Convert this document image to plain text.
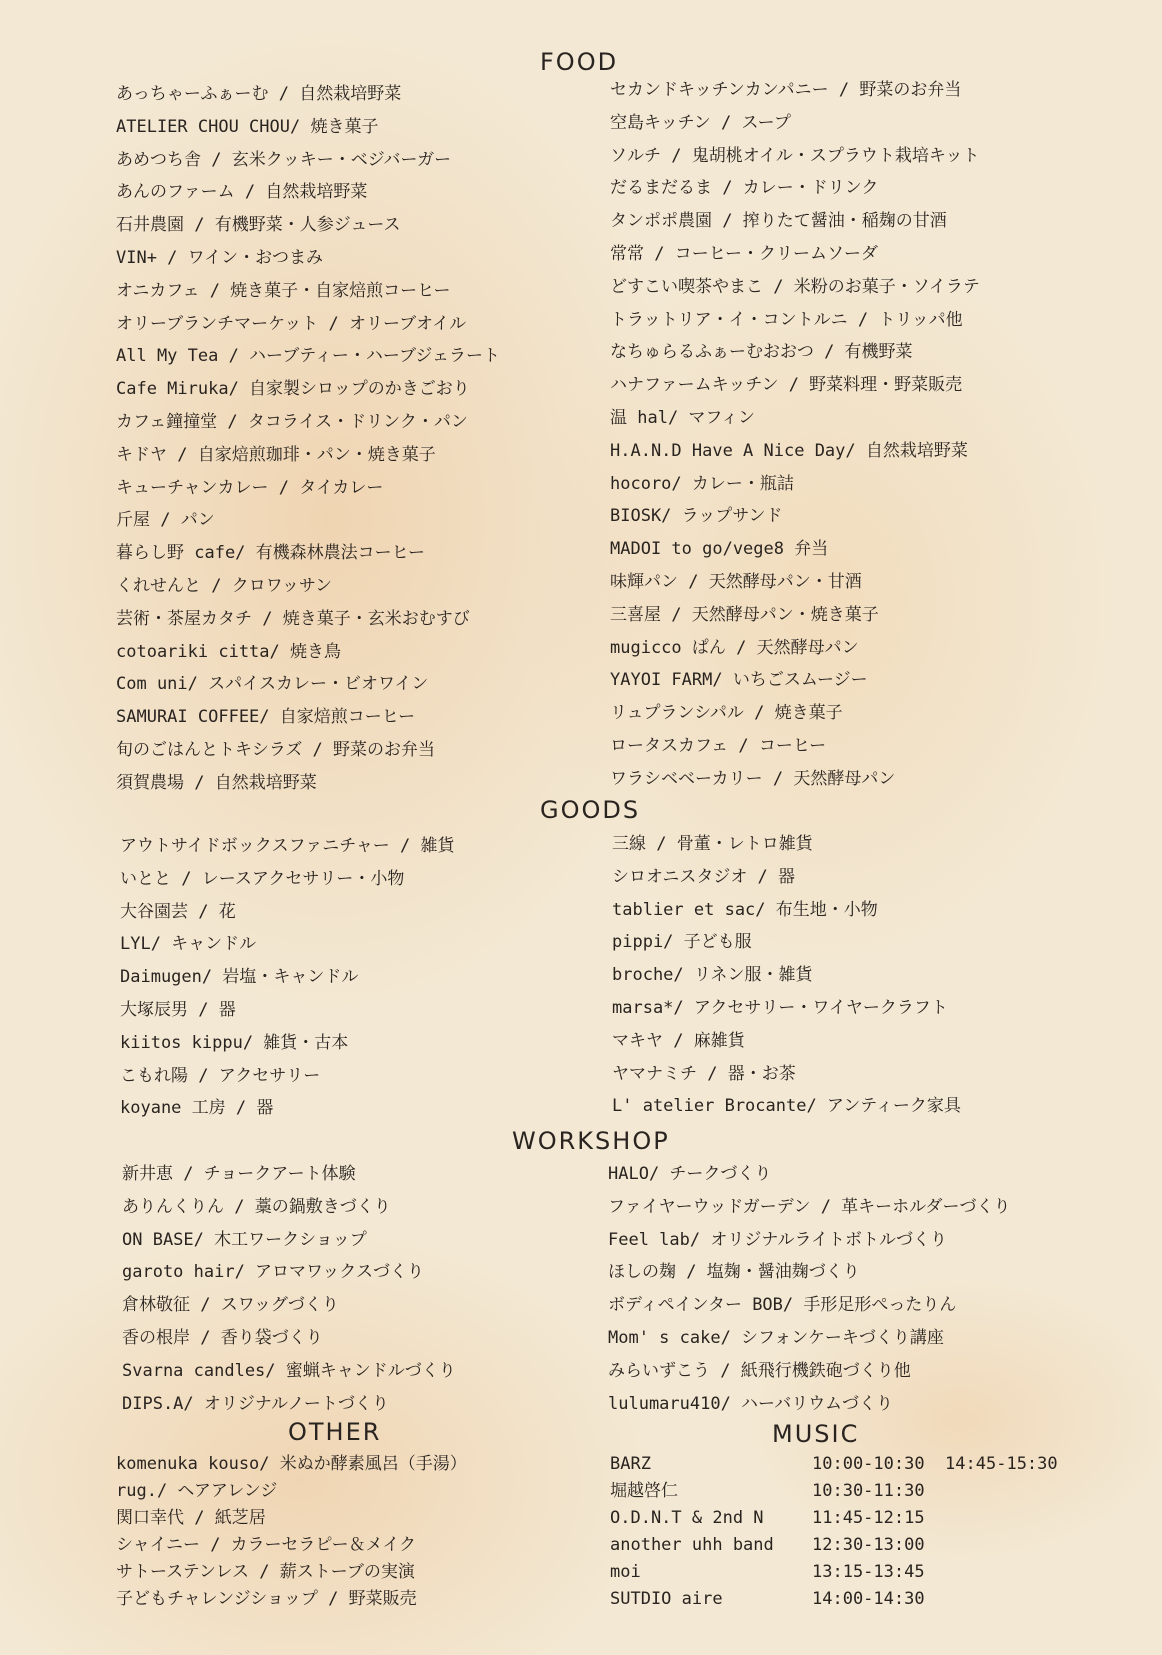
FOOD
あっちゃーふぁーむ / 自然栽培野菜
ATELIER CHOU CHOU/ 焼き菓子
あめつち舎 / 玄米クッキー・ベジバーガー
あんのファーム / 自然栽培野菜
石井農園 / 有機野菜・人参ジュース
VIN+ / ワイン・おつまみ
オニカフェ / 焼き菓子・自家焙煎コーヒー
オリーブランチマーケット / オリーブオイル
All My Tea / ハーブティー・ハーブジェラート
Cafe Miruka/ 自家製シロップのかきごおり
カフェ鐘撞堂 / タコライス・ドリンク・パン
キドヤ / 自家焙煎珈琲・パン・焼き菓子
キューチャンカレー / タイカレー
斤屋 / パン
暮らし野 cafe/ 有機森林農法コーヒー
くれせんと / クロワッサン
芸術・茶屋カタチ / 焼き菓子・玄米おむすび
cotoariki citta/ 焼き鳥
Com uni/ スパイスカレー・ビオワイン
SAMURAI COFFEE/ 自家焙煎コーヒー
旬のごはんとトキシラズ / 野菜のお弁当
須賀農場 / 自然栽培野菜
セカンドキッチンカンパニー / 野菜のお弁当
空島キッチン / スープ
ソルチ / 鬼胡桃オイル・スプラウト栽培キット
だるまだるま / カレー・ドリンク
タンポポ農園 / 搾りたて醤油・稲麹の甘酒
常常 / コーヒー・クリームソーダ
どすこい喫茶やまこ / 米粉のお菓子・ソイラテ
トラットリア・イ・コントルニ / トリッパ他
なちゅらるふぁーむおおつ / 有機野菜
ハナファームキッチン / 野菜料理・野菜販売
温 hal/ マフィン
H.A.N.D Have A Nice Day/ 自然栽培野菜
hocoro/ カレー・瓶詰
BIOSK/ ラップサンド
MADOI to go/vege8 弁当
味輝パン / 天然酵母パン・甘酒
三喜屋 / 天然酵母パン・焼き菓子
mugicco ぱん / 天然酵母パン
YAYOI FARM/ いちごスムージー
リュプランシパル / 焼き菓子
ロータスカフェ / コーヒー
ワラシベベーカリー / 天然酵母パン
GOODS
アウトサイドボックスファニチャー / 雑貨
いとと / レースアクセサリー・小物
大谷園芸 / 花
LYL/ キャンドル
Daimugen/ 岩塩・キャンドル
大塚辰男 / 器
kiitos kippu/ 雑貨・古本
こもれ陽 / アクセサリー
koyane 工房 / 器
三線 / 骨董・レトロ雑貨
シロオニスタジオ / 器
tablier et sac/ 布生地・小物
pippi/ 子ども服
broche/ リネン服・雑貨
marsa*/ アクセサリー・ワイヤークラフト
マキヤ / 麻雑貨
ヤマナミチ / 器・お茶
L' atelier Brocante/ アンティーク家具
WORKSHOP
新井恵 / チョークアート体験
ありんくりん / 藁の鍋敷きづくり
ON BASE/ 木工ワークショップ
garoto hair/ アロマワックスづくり
倉林敬征 / スワッグづくり
香の根岸 / 香り袋づくり
Svarna candles/ 蜜蝋キャンドルづくり
DIPS.A/ オリジナルノートづくり
HALO/ チークづくり
ファイヤーウッドガーデン / 革キーホルダーづくり
Feel lab/ オリジナルライトボトルづくり
ほしの麹 / 塩麹・醤油麹づくり
ボディペインター BOB/ 手形足形ぺったりん
Mom' s cake/ シフォンケーキづくり講座
みらいずこう / 紙飛行機鉄砲づくり他
lulumaru410/ ハーバリウムづくり
OTHER
komenuka kouso/ 米ぬか酵素風呂（手湯）
rug./ ヘアアレンジ
関口幸代 / 紙芝居
シャイニー / カラーセラピー＆メイク
サトーステンレス / 薪ストーブの実演
子どもチャレンジショップ / 野菜販売
MUSIC
BARZ	10:00-10:30  14:45-15:30
堀越啓仁	10:30-11:30
O.D.N.T & 2nd N	11:45-12:15
another uhh band	12:30-13:00
moi	13:15-13:45
SUTDIO aire	14:00-14:30
